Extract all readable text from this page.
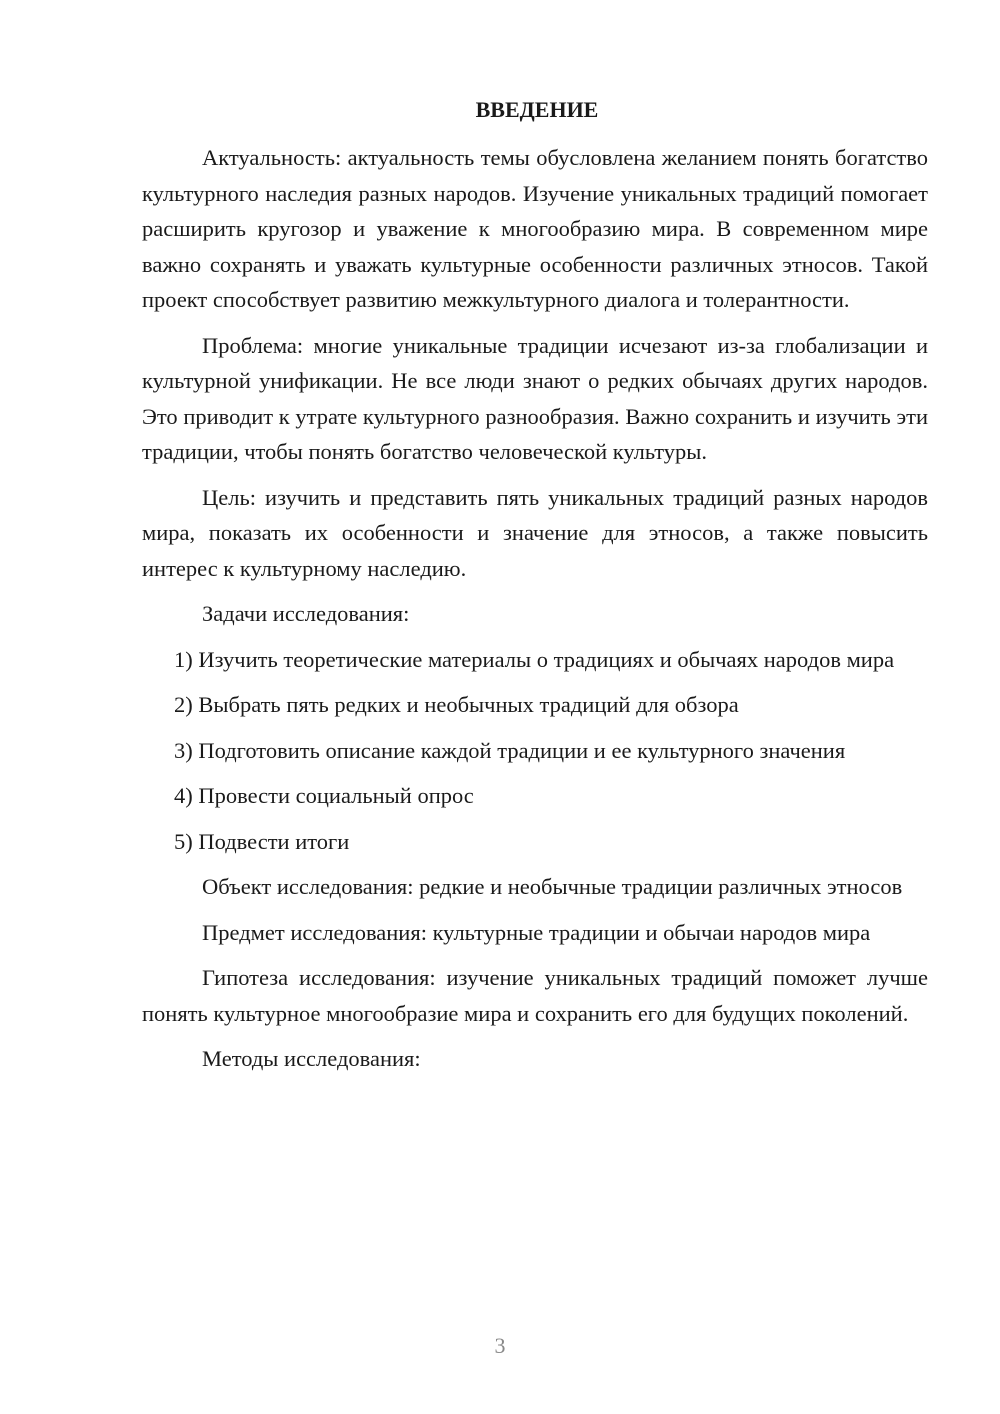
ВВЕДЕНИЕ

Актуальность: актуальность темы обусловлена желанием понять богатство культурного наследия разных народов. Изучение уникальных традиций помогает расширить кругозор и уважение к многообразию мира. В современном мире важно сохранять и уважать культурные особенности различных этносов. Такой проект способствует развитию межкультурного диалога и толерантности.

Проблема: многие уникальные традиции исчезают из-за глобализации и культурной унификации. Не все люди знают о редких обычаях других народов. Это приводит к утрате культурного разнообразия. Важно сохранить и изучить эти традиции, чтобы понять богатство человеческой культуры.

Цель: изучить и представить пять уникальных традиций разных народов мира, показать их особенности и значение для этносов, а также повысить интерес к культурному наследию.

Задачи исследования:

1) Изучить теоретические материалы о традициях и обычаях народов мира
2) Выбрать пять редких и необычных традиций для обзора
3) Подготовить описание каждой традиции и ее культурного значения
4) Провести социальный опрос
5) Подвести итоги

Объект исследования: редкие и необычные традиции различных этносов

Предмет исследования: культурные традиции и обычаи народов мира

Гипотеза исследования: изучение уникальных традиций поможет лучше понять культурное многообразие мира и сохранить его для будущих поколений.

Методы исследования:

3
